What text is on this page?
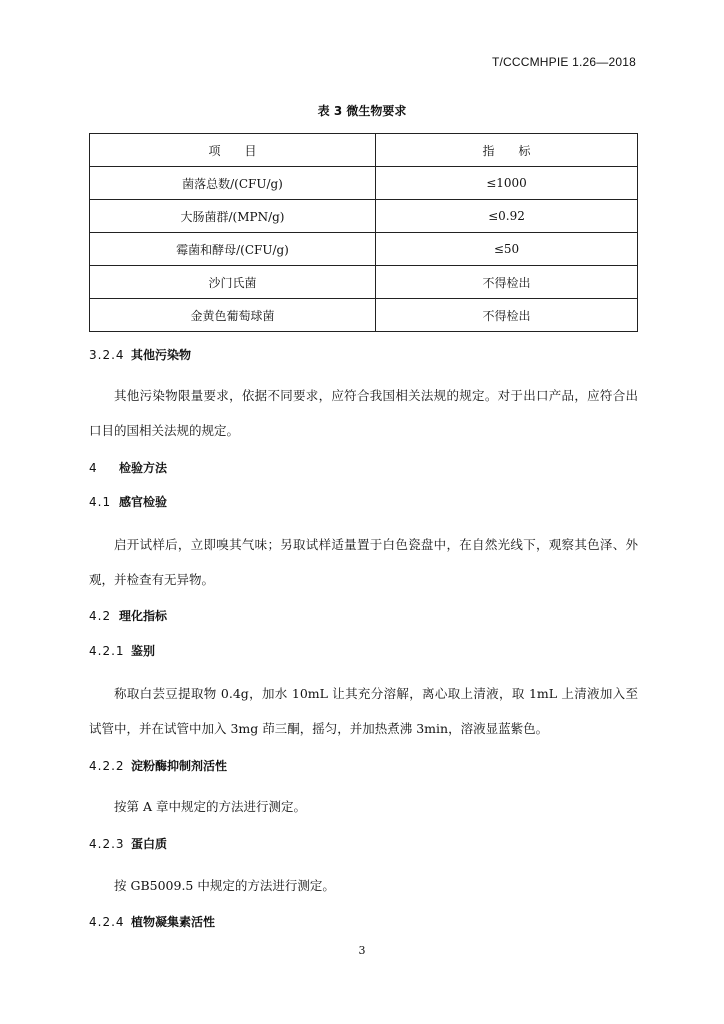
T/CCCMHPIE 1.26—2018
表 3 微生物要求
项　　目	指　　标
菌落总数/(CFU/g)	≤1000
大肠菌群/(MPN/g)	≤0.92
霉菌和酵母/(CFU/g)	≤50
沙门氏菌	不得检出
金黄色葡萄球菌	不得检出
3.2.4 其他污染物
其他污染物限量要求，依据不同要求，应符合我国相关法规的规定。对于出口产品，应符合出口目的国相关法规的规定。
4 检验方法
4.1 感官检验
启开试样后，立即嗅其气味；另取试样适量置于白色瓷盘中，在自然光线下，观察其色泽、外观，并检查有无异物。
4.2 理化指标
4.2.1 鉴别
称取白芸豆提取物 0.4g，加水 10mL 让其充分溶解，离心取上清液，取 1mL 上清液加入至试管中，并在试管中加入 3mg 茚三酮，摇匀，并加热煮沸 3min，溶液显蓝紫色。
4.2.2 淀粉酶抑制剂活性
按第 A 章中规定的方法进行测定。
4.2.3 蛋白质
按 GB5009.5 中规定的方法进行测定。
4.2.4 植物凝集素活性
3
